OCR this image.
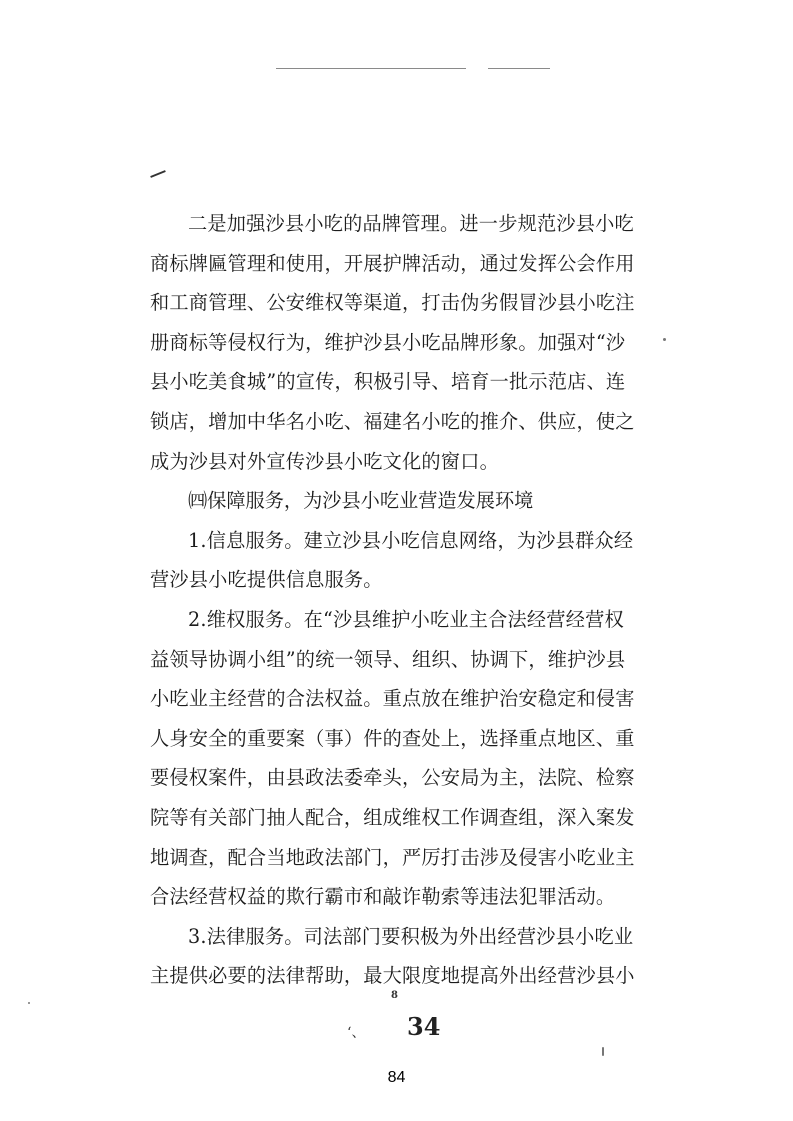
二是加强沙县小吃的品牌管理。进一步规范沙县小吃
商标牌匾管理和使用，开展护牌活动，通过发挥公会作用
和工商管理、公安维权等渠道，打击伪劣假冒沙县小吃注
册商标等侵权行为，维护沙县小吃品牌形象。加强对“沙
县小吃美食城”的宣传，积极引导、培育一批示范店、连
锁店，增加中华名小吃、福建名小吃的推介、供应，使之
成为沙县对外宣传沙县小吃文化的窗口。
㈣保障服务，为沙县小吃业营造发展环境
1.信息服务。建立沙县小吃信息网络，为沙县群众经
营沙县小吃提供信息服务。
2.维权服务。在“沙县维护小吃业主合法经营经营权
益领导协调小组”的统一领导、组织、协调下，维护沙县
小吃业主经营的合法权益。重点放在维护治安稳定和侵害
人身安全的重要案（事）件的查处上，选择重点地区、重
要侵权案件，由县政法委牵头，公安局为主，法院、检察
院等有关部门抽人配合，组成维权工作调查组，深入案发
地调查，配合当地政法部门，严厉打击涉及侵害小吃业主
合法经营权益的欺行霸市和敲诈勒索等违法犯罪活动。
3.法律服务。司法部门要积极为外出经营沙县小吃业
主提供必要的法律帮助，最大限度地提高外出经营沙县小
8
‘、 34
84
